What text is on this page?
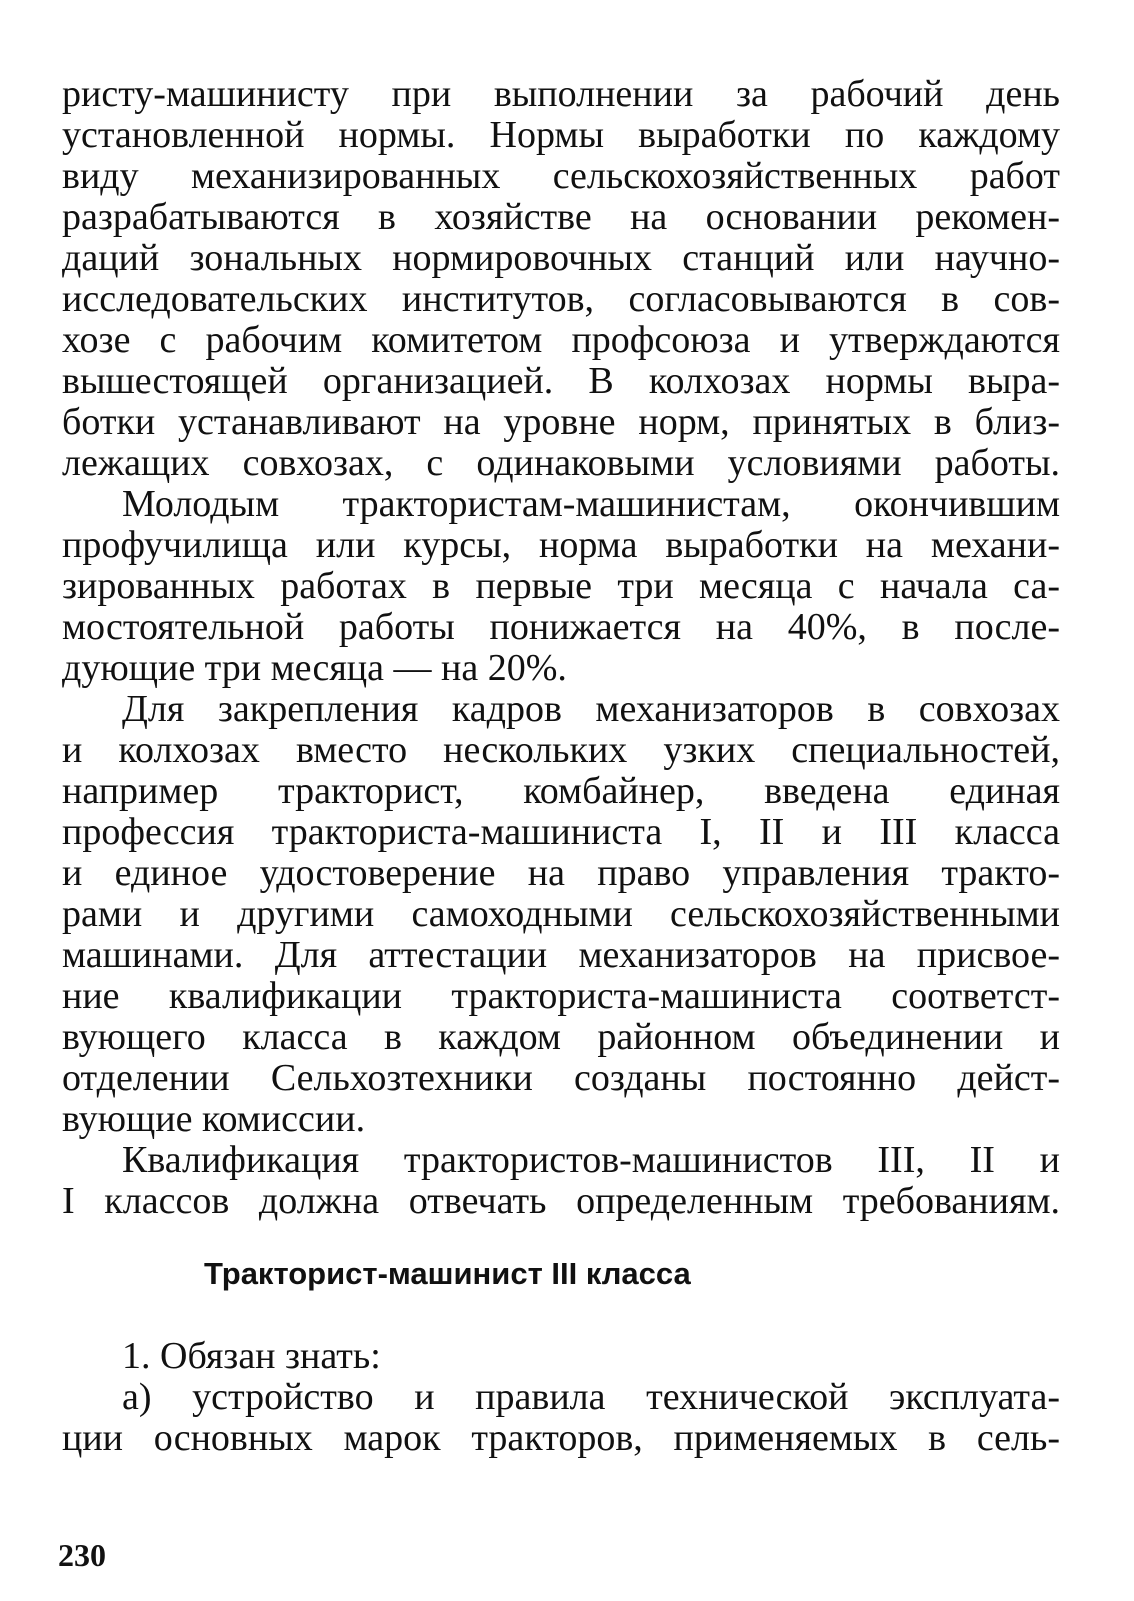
ристу-машинисту при выполнении за рабочий день
установленной нормы. Нормы выработки по каждому
виду механизированных сельскохозяйственных работ
разрабатываются в хозяйстве на основании рекомен-
даций зональных нормировочных станций или научно-
исследовательских институтов, согласовываются в сов-
хозе с рабочим комитетом профсоюза и утверждаются
вышестоящей организацией. В колхозах нормы выра-
ботки устанавливают на уровне норм, принятых в близ-
лежащих совхозах, с одинаковыми условиями работы.
Молодым трактористам-машинистам, окончившим
профучилища или курсы, норма выработки на механи-
зированных работах в первые три месяца с начала са-
мостоятельной работы понижается на 40%, в после-
дующие три месяца — на 20%.
Для закрепления кадров механизаторов в совхозах
и колхозах вместо нескольких узких специальностей,
например тракторист, комбайнер, введена единая
профессия тракториста-машиниста I, II и III класса
и единое удостоверение на право управления тракто-
рами и другими самоходными сельскохозяйственными
машинами. Для аттестации механизаторов на присвое-
ние квалификации тракториста-машиниста соответст-
вующего класса в каждом районном объединении и
отделении Сельхозтехники созданы постоянно дейст-
вующие комиссии.
Квалификация трактористов-машинистов III, II и
I классов должна отвечать определенным требованиям.
Тракторист-машинист III класса
1. Обязан знать:
а) устройство и правила технической эксплуата-
ции основных марок тракторов, применяемых в сель-
230
